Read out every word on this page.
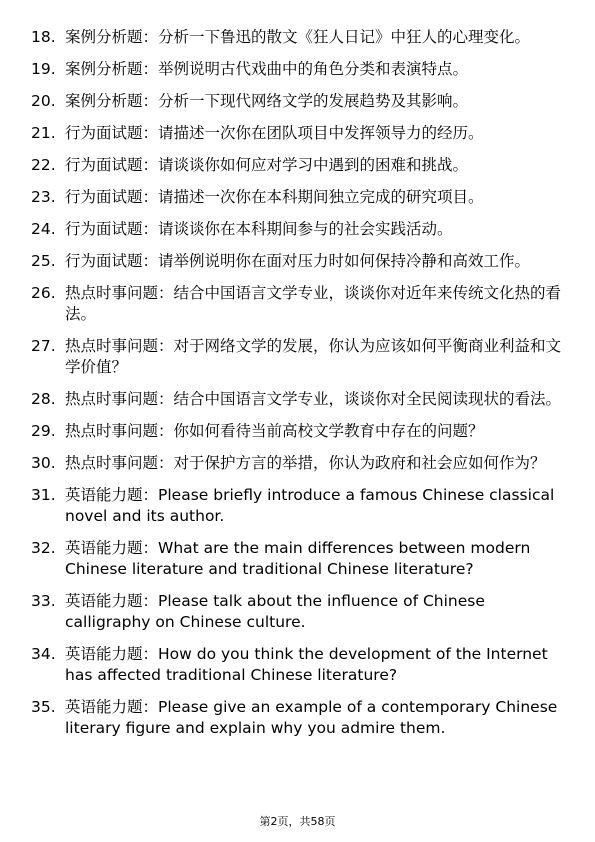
18. 案例分析题：分析一下鲁迅的散文《狂人日记》中狂人的心理变化。
19. 案例分析题：举例说明古代戏曲中的角色分类和表演特点。
20. 案例分析题：分析一下现代网络文学的发展趋势及其影响。
21. 行为面试题：请描述一次你在团队项目中发挥领导力的经历。
22. 行为面试题：请谈谈你如何应对学习中遇到的困难和挑战。
23. 行为面试题：请描述一次你在本科期间独立完成的研究项目。
24. 行为面试题：请谈谈你在本科期间参与的社会实践活动。
25. 行为面试题：请举例说明你在面对压力时如何保持冷静和高效工作。
26. 热点时事问题：结合中国语言文学专业，谈谈你对近年来传统文化热的看法。
27. 热点时事问题：对于网络文学的发展，你认为应该如何平衡商业利益和文学价值？
28. 热点时事问题：结合中国语言文学专业，谈谈你对全民阅读现状的看法。
29. 热点时事问题：你如何看待当前高校文学教育中存在的问题？
30. 热点时事问题：对于保护方言的举措，你认为政府和社会应如何作为？
31. 英语能力题：Please briefly introduce a famous Chinese classical novel and its author.
32. 英语能力题：What are the main differences between modern Chinese literature and traditional Chinese literature?
33. 英语能力题：Please talk about the influence of Chinese calligraphy on Chinese culture.
34. 英语能力题：How do you think the development of the Internet has affected traditional Chinese literature?
35. 英语能力题：Please give an example of a contemporary Chinese literary figure and explain why you admire them.
第2页，共58页
